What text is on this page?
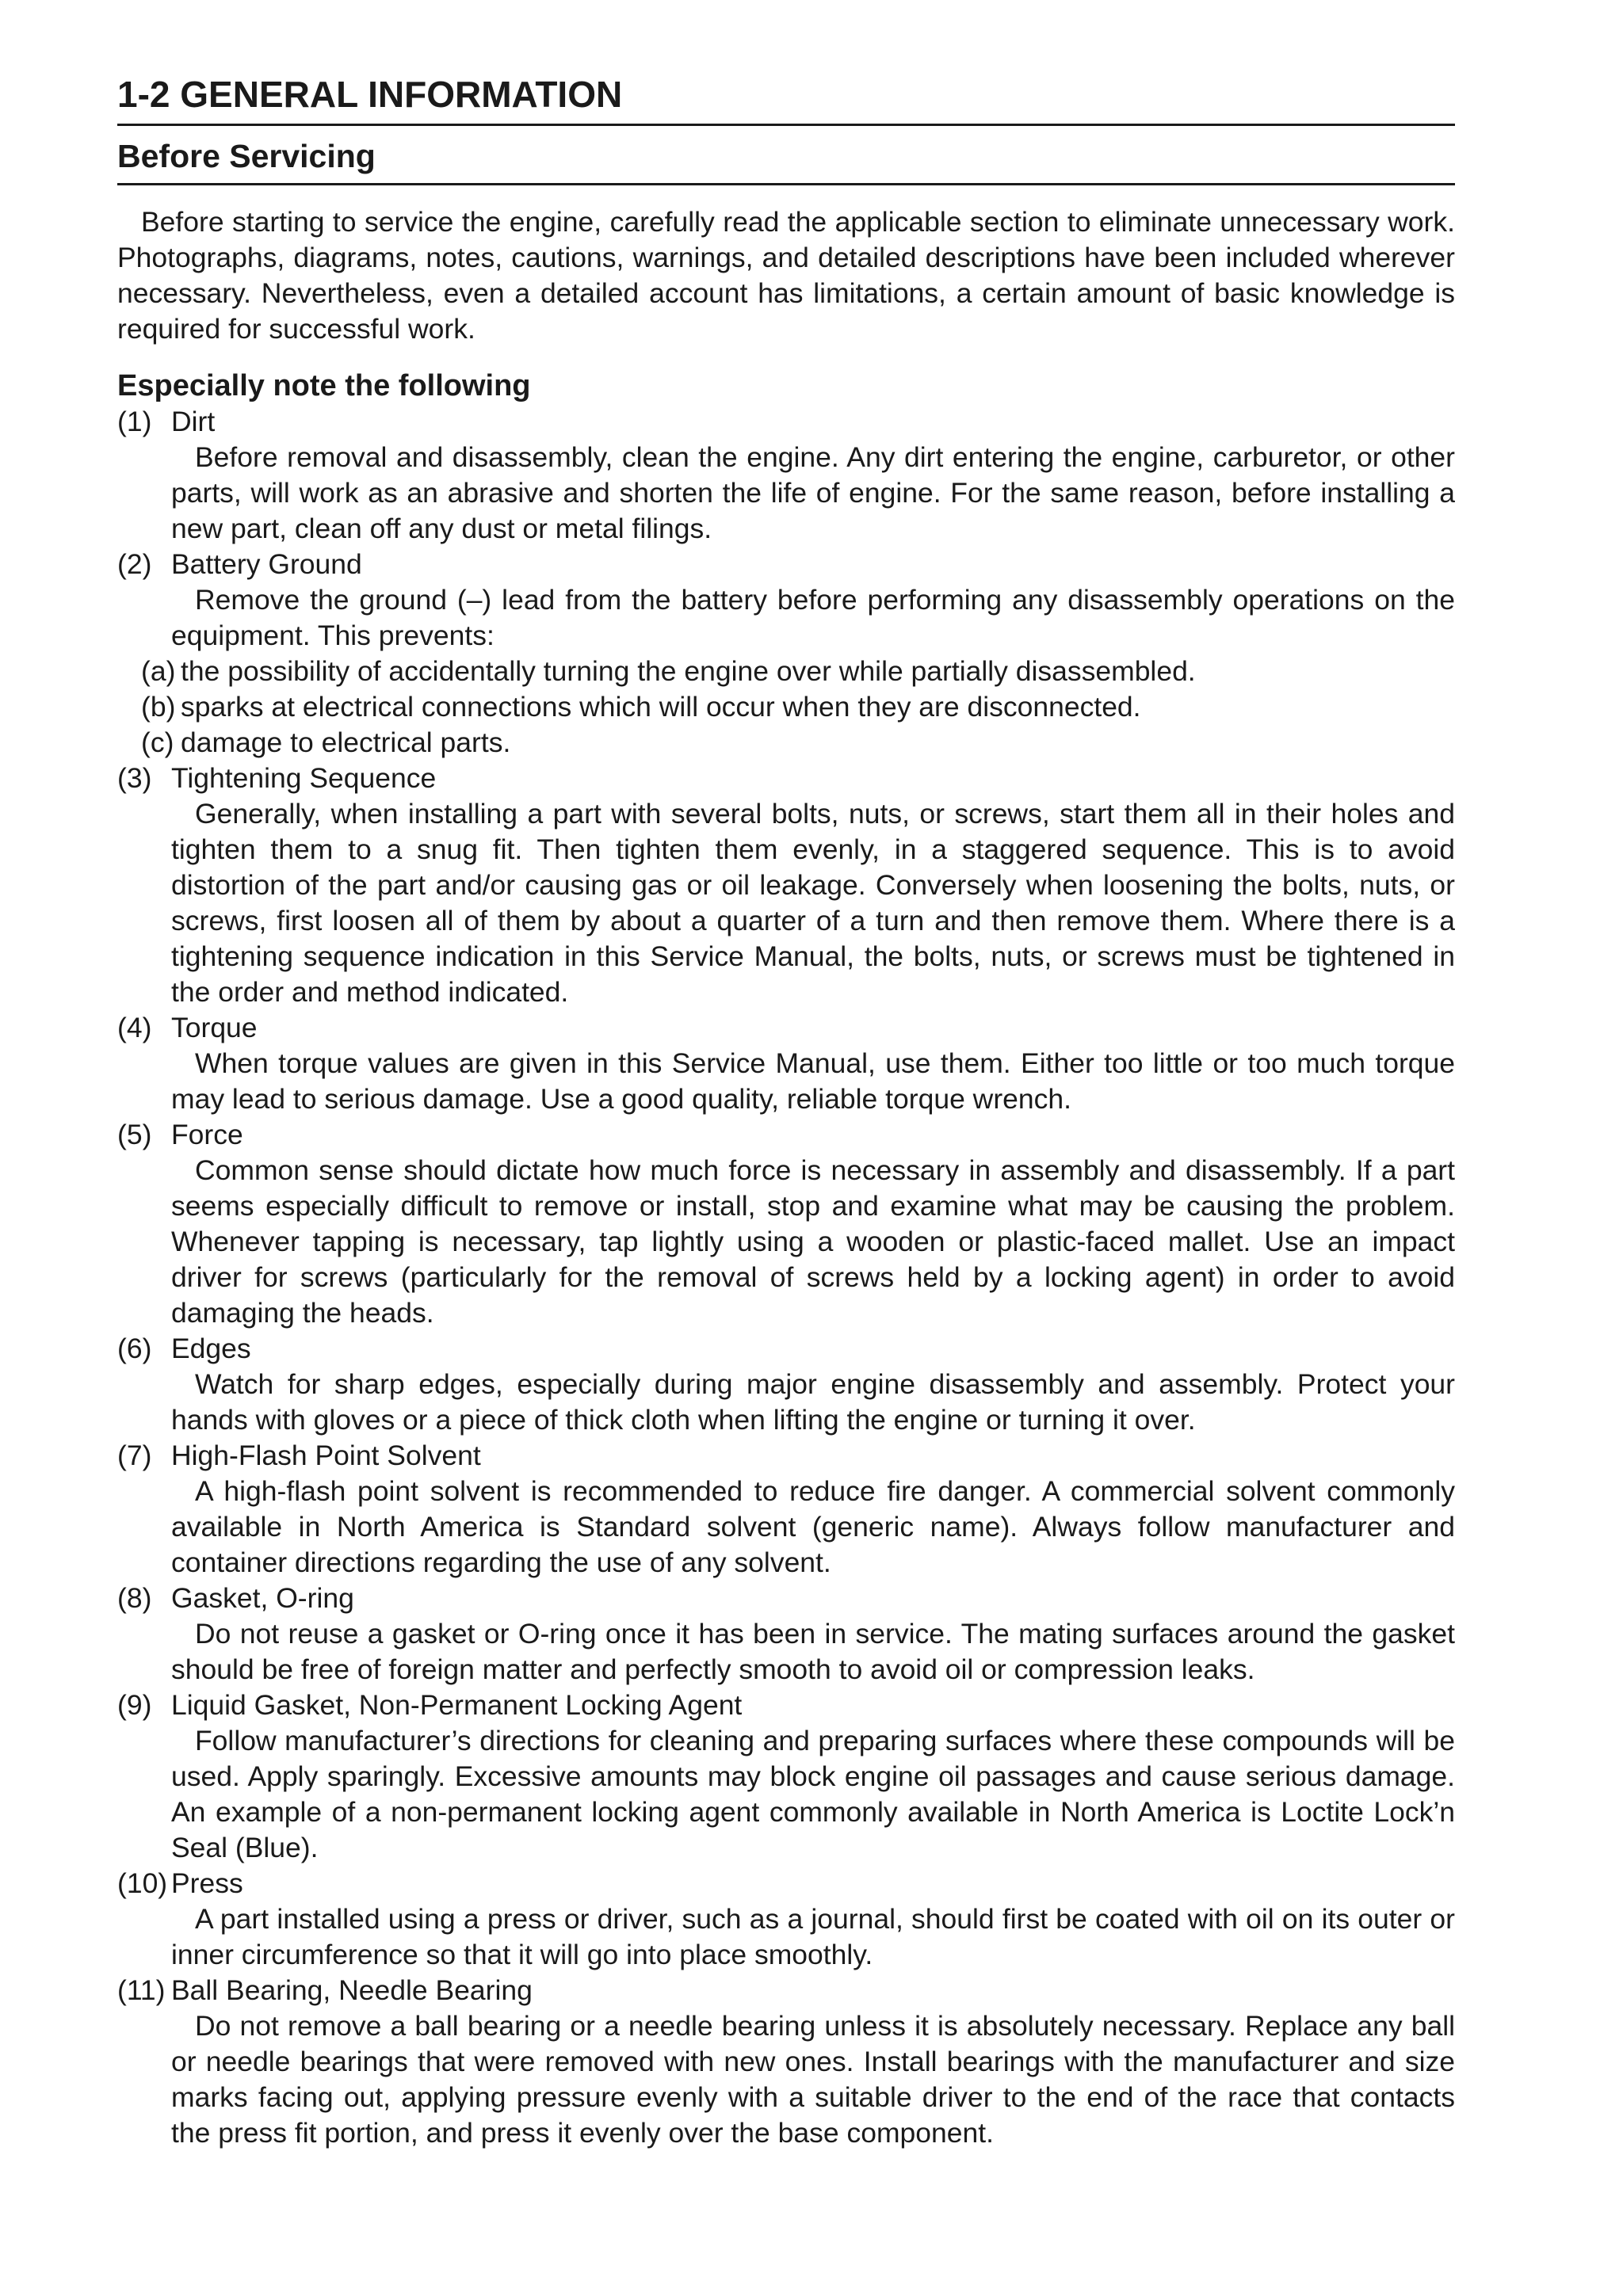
1-2 GENERAL INFORMATION
Before Servicing

Before starting to service the engine, carefully read the applicable section to eliminate unnecessary work. Photographs, diagrams, notes, cautions, warnings, and detailed descriptions have been included wherever necessary. Nevertheless, even a detailed account has limitations, a certain amount of basic knowledge is required for successful work.

Especially note the following
(1) Dirt
Before removal and disassembly, clean the engine. Any dirt entering the engine, carburetor, or other parts, will work as an abrasive and shorten the life of engine. For the same reason, before installing a new part, clean off any dust or metal filings.
(2) Battery Ground
Remove the ground (–) lead from the battery before performing any disassembly operations on the equipment. This prevents:
(a) the possibility of accidentally turning the engine over while partially disassembled.
(b) sparks at electrical connections which will occur when they are disconnected.
(c) damage to electrical parts.
(3) Tightening Sequence
Generally, when installing a part with several bolts, nuts, or screws, start them all in their holes and tighten them to a snug fit. Then tighten them evenly, in a staggered sequence. This is to avoid distortion of the part and/or causing gas or oil leakage. Conversely when loosening the bolts, nuts, or screws, first loosen all of them by about a quarter of a turn and then remove them. Where there is a tightening sequence indication in this Service Manual, the bolts, nuts, or screws must be tightened in the order and method indicated.
(4) Torque
When torque values are given in this Service Manual, use them. Either too little or too much torque may lead to serious damage. Use a good quality, reliable torque wrench.
(5) Force
Common sense should dictate how much force is necessary in assembly and disassembly. If a part seems especially difficult to remove or install, stop and examine what may be causing the problem. Whenever tapping is necessary, tap lightly using a wooden or plastic-faced mallet. Use an impact driver for screws (particularly for the removal of screws held by a locking agent) in order to avoid damaging the heads.
(6) Edges
Watch for sharp edges, especially during major engine disassembly and assembly. Protect your hands with gloves or a piece of thick cloth when lifting the engine or turning it over.
(7) High-Flash Point Solvent
A high-flash point solvent is recommended to reduce fire danger. A commercial solvent commonly available in North America is Standard solvent (generic name). Always follow manufacturer and container directions regarding the use of any solvent.
(8) Gasket, O-ring
Do not reuse a gasket or O-ring once it has been in service. The mating surfaces around the gasket should be free of foreign matter and perfectly smooth to avoid oil or compression leaks.
(9) Liquid Gasket, Non-Permanent Locking Agent
Follow manufacturer’s directions for cleaning and preparing surfaces where these compounds will be used. Apply sparingly. Excessive amounts may block engine oil passages and cause serious damage. An example of a non-permanent locking agent commonly available in North America is Loctite Lock’n Seal (Blue).
(10) Press
A part installed using a press or driver, such as a journal, should first be coated with oil on its outer or inner circumference so that it will go into place smoothly.
(11) Ball Bearing, Needle Bearing
Do not remove a ball bearing or a needle bearing unless it is absolutely necessary. Replace any ball or needle bearings that were removed with new ones. Install bearings with the manufacturer and size marks facing out, applying pressure evenly with a suitable driver to the end of the race that contacts the press fit portion, and press it evenly over the base component.
